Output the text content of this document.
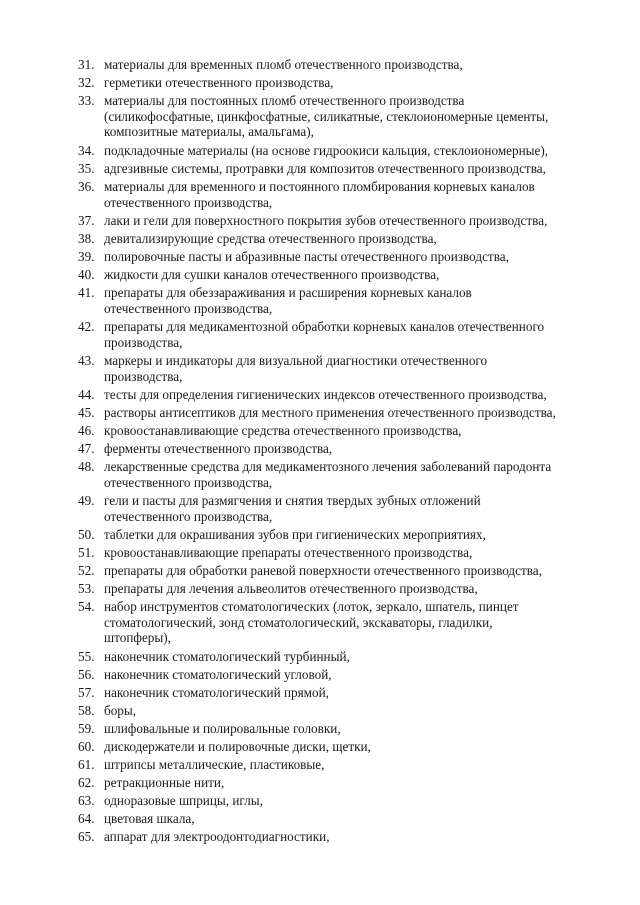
31. материалы для временных пломб отечественного производства,
32. герметики отечественного производства,
33. материалы для постоянных пломб отечественного производства
(силикофосфатные, цинкфосфатные, силикатные, стеклоиономерные цементы,
композитные материалы, амальгама),
34. подкладочные материалы (на основе гидроокиси кальция, стеклоиономерные),
35. адгезивные системы, протравки для композитов отечественного производства,
36. материалы для временного и постоянного пломбирования корневых каналов
отечественного производства,
37. лаки и гели для поверхностного покрытия зубов отечественного производства,
38. девитализирующие средства отечественного производства,
39. полировочные пасты и абразивные пасты отечественного производства,
40. жидкости для сушки каналов отечественного производства,
41. препараты для обеззараживания и расширения корневых каналов
отечественного производства,
42. препараты для медикаментозной обработки корневых каналов отечественного
производства,
43. маркеры и индикаторы для визуальной диагностики отечественного
производства,
44. тесты для определения гигиенических индексов отечественного производства,
45. растворы антисептиков для местного применения отечественного производства,
46. кровоостанавливающие средства отечественного производства,
47. ферменты отечественного производства,
48. лекарственные средства для медикаментозного лечения заболеваний пародонта
отечественного производства,
49. гели и пасты для размягчения и снятия твердых зубных отложений
отечественного производства,
50. таблетки для окрашивания зубов при гигиенических мероприятиях,
51. кровоостанавливающие препараты отечественного производства,
52. препараты для обработки раневой поверхности отечественного производства,
53. препараты для лечения альвеолитов отечественного производства,
54. набор инструментов стоматологических (лоток, зеркало, шпатель, пинцет
стоматологический, зонд стоматологический, экскаваторы, гладилки,
штопферы),
55. наконечник стоматологический турбинный,
56. наконечник стоматологический угловой,
57. наконечник стоматологический прямой,
58. боры,
59. шлифовальные и полировальные головки,
60. дискодержатели и полировочные диски, щетки,
61. штрипсы металлические, пластиковые,
62. ретракционные нити,
63. одноразовые шприцы, иглы,
64. цветовая шкала,
65. аппарат для электроодонтодиагностики,
